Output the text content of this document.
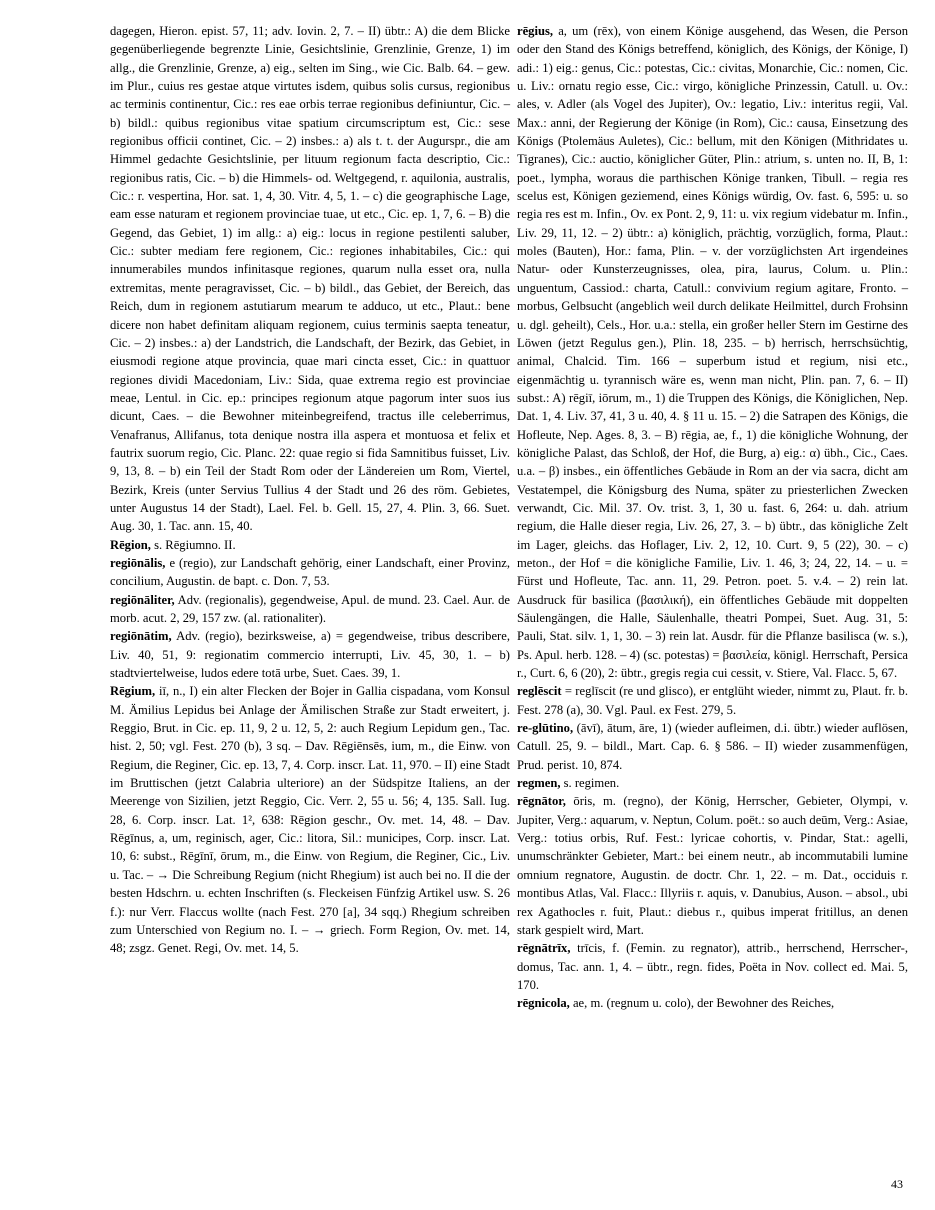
dagegen, Hieron. epist. 57, 11; adv. Iovin. 2, 7. – II) übtr.: A) die dem Blicke gegenüberliegende begrenzte Linie, Gesichtslinie, Grenzlinie, Grenze, 1) im allg., die Grenzlinie, Grenze, a) eig., selten im Sing., wie Cic. Balb. 64. – gew. im Plur., cuius res gestae atque virtutes isdem, quibus solis cursus, regionibus ac terminis continentur, Cic.: res eae orbis terrae regionibus definiuntur, Cic. – b) bildl.: quibus regionibus vitae spatium circumscriptum est, Cic.: sese regionibus officii continet, Cic. – 2) insbes.: a) als t. t. der Augurspr., die am Himmel gedachte Gesichtslinie, per lituum regionum facta descriptio, Cic.: regionibus ratis, Cic. – b) die Himmels- od. Weltgegend, r. aquilonia, australis, Cic.: r. vespertina, Hor. sat. 1, 4, 30. Vitr. 4, 5, 1. – c) die geographische Lage, eam esse naturam et regionem provinciae tuae, ut etc., Cic. ep. 1, 7, 6. – B) die Gegend, das Gebiet, 1) im allg.: a) eig.: locus in regione pestilenti saluber, Cic.: subter mediam fere regionem, Cic.: regiones inhabitabiles, Cic.: qui innumerabiles mundos infinitasque regiones, quarum nulla esset ora, nulla extremitas, mente peragravisset, Cic. – b) bildl., das Gebiet, der Bereich, das Reich, dum in regionem astutiarum mearum te adduco, ut etc., Plaut.: bene dicere non habet definitam aliquam regionem, cuius terminis saepta teneatur, Cic. – 2) insbes.: a) der Landstrich, die Landschaft, der Bezirk, das Gebiet, in eiusmodi regione atque provincia, quae mari cincta esset, Cic.: in quattuor regiones dividi Macedoniam, Liv.: Sida, quae extrema regio est provinciae meae, Lentul. in Cic. ep.: principes regionum atque pagorum inter suos ius dicunt, Caes. – die Bewohner miteinbegreifend, tractus ille celeberrimus, Venafranus, Allifanus, tota denique nostra illa aspera et montuosa et felix et fautrix suorum regio, Cic. Planc. 22: quae regio si fida Samnitibus fuisset, Liv. 9, 13, 8. – b) ein Teil der Stadt Rom oder der Ländereien um Rom, Viertel, Bezirk, Kreis (unter Servius Tullius 4 der Stadt und 26 des röm. Gebietes, unter Augustus 14 der Stadt), Lael. Fel. b. Gell. 15, 27, 4. Plin. 3, 66. Suet. Aug. 30, 1. Tac. ann. 15, 40.

Rēgion, s. Rēgiumno. II.

regiōnālis, e (regio), zur Landschaft gehörig, einer Landschaft, einer Provinz, concilium, Augustin. de bapt. c. Don. 7, 53.

regiōnāliter, Adv. (regionalis), gegendweise, Apul. de mund. 23. Cael. Aur. de morb. acut. 2, 29, 157 zw. (al. rationaliter).

regiōnātim, Adv. (regio), bezirksweise, a) = gegendweise, tribus describere, Liv. 40, 51, 9: regionatim commercio interrupti, Liv. 45, 30, 1. – b) stadtviertelweise, ludos edere totā urbe, Suet. Caes. 39, 1.

Rēgium, iī, n., I) ein alter Flecken der Bojer in Gallia cispadana, vom Konsul M. Ämilius Lepidus bei Anlage der Ämilischen Straße zur Stadt erweitert, j. Reggio, Brut. in Cic. ep. 11, 9, 2 u. 12, 5, 2: auch Regium Lepidum gen., Tac. hist. 2, 50; vgl. Fest. 270 (b), 3 sq. – Dav. Rēgiēnsēs, ium, m., die Einw. von Regium, die Reginer, Cic. ep. 13, 7, 4. Corp. inscr. Lat. 11, 970. – II) eine Stadt im Bruttischen (jetzt Calabria ulteriore) an der Südspitze Italiens, an der Meerenge von Sizilien, jetzt Reggio, Cic. Verr. 2, 55 u. 56; 4, 135. Sall. Iug. 28, 6. Corp. inscr. Lat. 1², 638: Rēgion geschr., Ov. met. 14, 48. – Dav. Rēgīnus, a, um, reginisch, ager, Cic.: litora, Sil.: municipes, Corp. inscr. Lat. 10, 6: subst., Rēgīnī, ōrum, m., die Einw. von Regium, die Reginer, Cic., Liv. u. Tac. – → Die Schreibung Regium (nicht Rhegium) ist auch bei no. II die der besten Hdschrn. u. echten Inschriften (s. Fleckeisen Fünfzig Artikel usw. S. 26 f.): nur Verr. Flaccus wollte (nach Fest. 270 [a], 34 sqq.) Rhegium schreiben zum Unterschied von Regium no. I. – → griech. Form Region, Ov. met. 14, 48; zsgz. Genet. Regi, Ov. met. 14, 5.

rēgius, a, um (rēx), von einem Könige ausgehend, das Wesen, die Person oder den Stand des Königs betreffend, königlich, des Königs, der Könige, I) adi.: 1) eig.: genus, Cic.: potestas, Cic.: civitas, Monarchie, Cic.: nomen, Cic. u. Liv.: ornatu regio esse, Cic.: virgo, königliche Prinzessin, Catull. u. Ov.: ales, v. Adler (als Vogel des Jupiter), Ov.: legatio, Liv.: interitus regii, Val. Max.: anni, der Regierung der Könige (in Rom), Cic.: causa, Einsetzung des Königs (Ptolemäus Auletes), Cic.: bellum, mit den Königen (Mithridates u. Tigranes), Cic.: auctio, königlicher Güter, Plin.: atrium, s. unten no. II, B, 1: poet., lympha, woraus die parthischen Könige tranken, Tibull. – regia res scelus est, Königen geziemend, eines Königs würdig, Ov. fast. 6, 595: u. so regia res est m. Infin., Ov. ex Pont. 2, 9, 11: u. vix regium videbatur m. Infin., Liv. 29, 11, 12. – 2) übtr.: a) königlich, prächtig, vorzüglich, forma, Plaut.: moles (Bauten), Hor.: fama, Plin. – v. der vorzüglichsten Art irgendeines Natur- oder Kunsterzeugnisses, olea, pira, laurus, Colum. u. Plin.: unguentum, Cassiod.: charta, Catull.: convivium regium agitare, Fronto. – morbus, Gelbsucht (angeblich weil durch delikate Heilmittel, durch Frohsinn u. dgl. geheilt), Cels., Hor. u.a.: stella, ein großer heller Stern im Gestirne des Löwen (jetzt Regulus gen.), Plin. 18, 235. – b) herrisch, herrschsüchtig, animal, Chalcid. Tim. 166 – superbum istud et regium, nisi etc., eigenmächtig u. tyrannisch wäre es, wenn man nicht, Plin. pan. 7, 6. – II) subst.: A) rēgiī, iōrum, m., 1) die Truppen des Königs, die Königlichen, Nep. Dat. 1, 4. Liv. 37, 41, 3 u. 40, 4. § 11 u. 15. – 2) die Satrapen des Königs, die Hofleute, Nep. Ages. 8, 3. – B) rēgia, ae, f., 1) die königliche Wohnung, der königliche Palast, das Schloß, der Hof, die Burg, a) eig.: α) übh., Cic., Caes. u.a. – β) insbes., ein öffentliches Gebäude in Rom an der via sacra, dicht am Vestatempel, die Königsburg des Numa, später zu priesterlichen Zwecken verwandt, Cic. Mil. 37. Ov. trist. 3, 1, 30 u. fast. 6, 264: u. dah. atrium regium, die Halle dieser regia, Liv. 26, 27, 3. – b) übtr., das königliche Zelt im Lager, gleichs. das Hoflager, Liv. 2, 12, 10. Curt. 9, 5 (22), 30. – c) meton., der Hof = die königliche Familie, Liv. 1. 46, 3; 24, 22, 14. – u. = Fürst und Hofleute, Tac. ann. 11, 29. Petron. poet. 5. v.4. – 2) rein lat. Ausdruck für basilica (βασιλική), ein öffentliches Gebäude mit doppelten Säulengängen, die Halle, Säulenhalle, theatri Pompei, Suet. Aug. 31, 5: Pauli, Stat. silv. 1, 1, 30. – 3) rein lat. Ausdr. für die Pflanze basilisca (w. s.), Ps. Apul. herb. 128. – 4) (sc. potestas) = βασιλεία, königl. Herrschaft, Persica r., Curt. 6, 6 (20), 2: übtr., gregis regia cui cessit, v. Stiere, Val. Flacc. 5, 67.

reglēscit = reglīscit (re und glisco), er entglüht wieder, nimmt zu, Plaut. fr. b. Fest. 278 (a), 30. Vgl. Paul. ex Fest. 279, 5.

re-glūtino, (āvī), ātum, āre, 1) (wieder aufleimen, d.i. übtr.) wieder auflösen, Catull. 25, 9. – bildl., Mart. Cap. 6. § 586. – II) wieder zusammenfügen, Prud. perist. 10, 874.

regmen, s. regimen.

rēgnātor, ōris, m. (regno), der König, Herrscher, Gebieter, Olympi, v. Jupiter, Verg.: aquarum, v. Neptun, Colum. poët.: so auch deūm, Verg.: Asiae, Verg.: totius orbis, Ruf. Fest.: lyricae cohortis, v. Pindar, Stat.: agelli, unumschränkter Gebieter, Mart.: bei einem neutr., ab incommutabili lumine omnium regnatore, Augustin. de doctr. Chr. 1, 22. – m. Dat., occiduis r. montibus Atlas, Val. Flacc.: Illyriis r. aquis, v. Danubius, Auson. – absol., ubi rex Agathocles r. fuit, Plaut.: diebus r., quibus imperat fritillus, an denen stark gespielt wird, Mart.

rēgnātrīx, trīcis, f. (Femin. zu regnator), attrib., herrschend, Herrscher-, domus, Tac. ann. 1, 4. – übtr., regn. fides, Poëta in Nov. collect ed. Mai. 5, 170.

rēgnicola, ae, m. (regnum u. colo), der Bewohner des Reiches,

43
